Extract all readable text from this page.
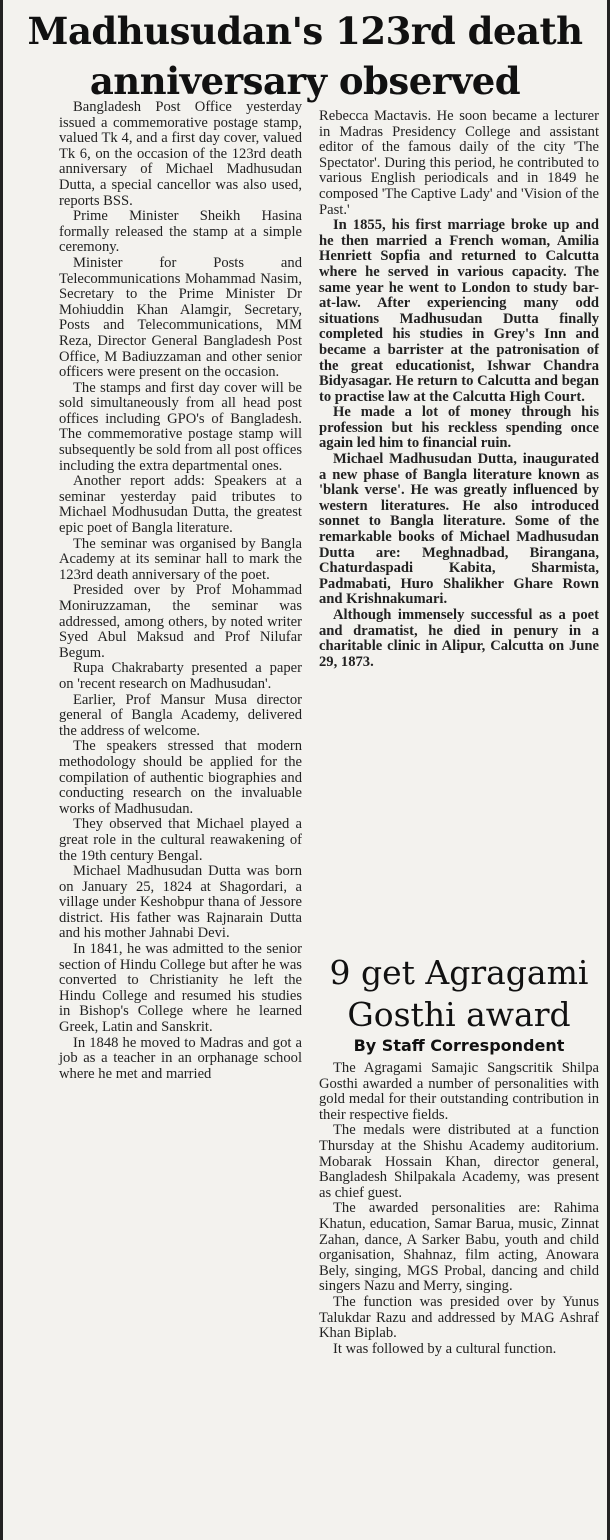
Madhusudan's 123rd death anniversary observed

Bangladesh Post Office yesterday issued a commemorative postage stamp, valued Tk 4, and a first day cover, valued Tk 6, on the occasion of the 123rd death anniversary of Michael Madhusudan Dutta, a special cancellor was also used, reports BSS.

Prime Minister Sheikh Hasina formally released the stamp at a simple ceremony.

Minister for Posts and Telecommunications Mohammad Nasim, Secretary to the Prime Minister Dr Mohiuddin Khan Alamgir, Secretary, Posts and Telecommunications, MM Reza, Director General Bangladesh Post Office, M Badiuzzaman and other senior officers were present on the occasion.

The stamps and first day cover will be sold simultaneously from all head post offices including GPO's of Bangladesh. The commemorative postage stamp will subsequently be sold from all post offices including the extra departmental ones.

Another report adds: Speakers at a seminar yesterday paid tributes to Michael Modhusudan Dutta, the greatest epic poet of Bangla literature.

The seminar was organised by Bangla Academy at its seminar hall to mark the 123rd death anniversary of the poet.

Presided over by Prof Mohammad Moniruzzaman, the seminar was addressed, among others, by noted writer Syed Abul Maksud and Prof Nilufar Begum.

Rupa Chakrabarty presented a paper on 'recent research on Madhusudan'.

Earlier, Prof Mansur Musa director general of Bangla Academy, delivered the address of welcome.

The speakers stressed that modern methodology should be applied for the compilation of authentic biographies and conducting research on the invaluable works of Madhusudan.

They observed that Michael played a great role in the cultural reawakening of the 19th century Bengal.

Michael Madhusudan Dutta was born on January 25, 1824 at Shagordari, a village under Keshobpur thana of Jessore district. His father was Rajnarain Dutta and his mother Jahnabi Devi.

In 1841, he was admitted to the senior section of Hindu College but after he was converted to Christianity he left the Hindu College and resumed his studies in Bishop's College where he learned Greek, Latin and Sanskrit.

In 1848 he moved to Madras and got a job as a teacher in an orphanage school where he met and married

Rebecca Mactavis. He soon became a lecturer in Madras Presidency College and assistant editor of the famous daily of the city 'The Spectator'. During this period, he contributed to various English periodicals and in 1849 he composed 'The Captive Lady' and 'Vision of the Past.'

In 1855, his first marriage broke up and he then married a French woman, Amilia Henriett Sopfia and returned to Calcutta where he served in various capacity. The same year he went to London to study bar-at-law. After experiencing many odd situations Madhusudan Dutta finally completed his studies in Grey's Inn and became a barrister at the patronisation of the great educationist, Ishwar Chandra Bidyasagar. He return to Calcutta and began to practise law at the Calcutta High Court.

He made a lot of money through his profession but his reckless spending once again led him to financial ruin.

Michael Madhusudan Dutta, inaugurated a new phase of Bangla literature known as 'blank verse'. He was greatly influenced by western literatures. He also introduced sonnet to Bangla literature. Some of the remarkable books of Michael Madhusudan Dutta are: Meghnadbad, Birangana, Chaturdaspadi Kabita, Sharmista, Padmabati, Huro Shalikher Ghare Rown and Krishnakumari.

Although immensely successful as a poet and dramatist, he died in penury in a charitable clinic in Alipur, Calcutta on June 29, 1873.

9 get Agragami Gosthi award
By Staff Correspondent

The Agragami Samajic Sangscritik Shilpa Gosthi awarded a number of personalities with gold medal for their outstanding contribution in their respective fields.

The medals were distributed at a function Thursday at the Shishu Academy auditorium. Mobarak Hossain Khan, director general, Bangladesh Shilpakala Academy, was present as chief guest.

The awarded personalities are: Rahima Khatun, education, Samar Barua, music, Zinnat Zahan, dance, A Sarker Babu, youth and child organisation, Shahnaz, film acting, Anowara Bely, singing, MGS Probal, dancing and child singers Nazu and Merry, singing.

The function was presided over by Yunus Talukdar Razu and addressed by MAG Ashraf Khan Biplab.

It was followed by a cultural function.
